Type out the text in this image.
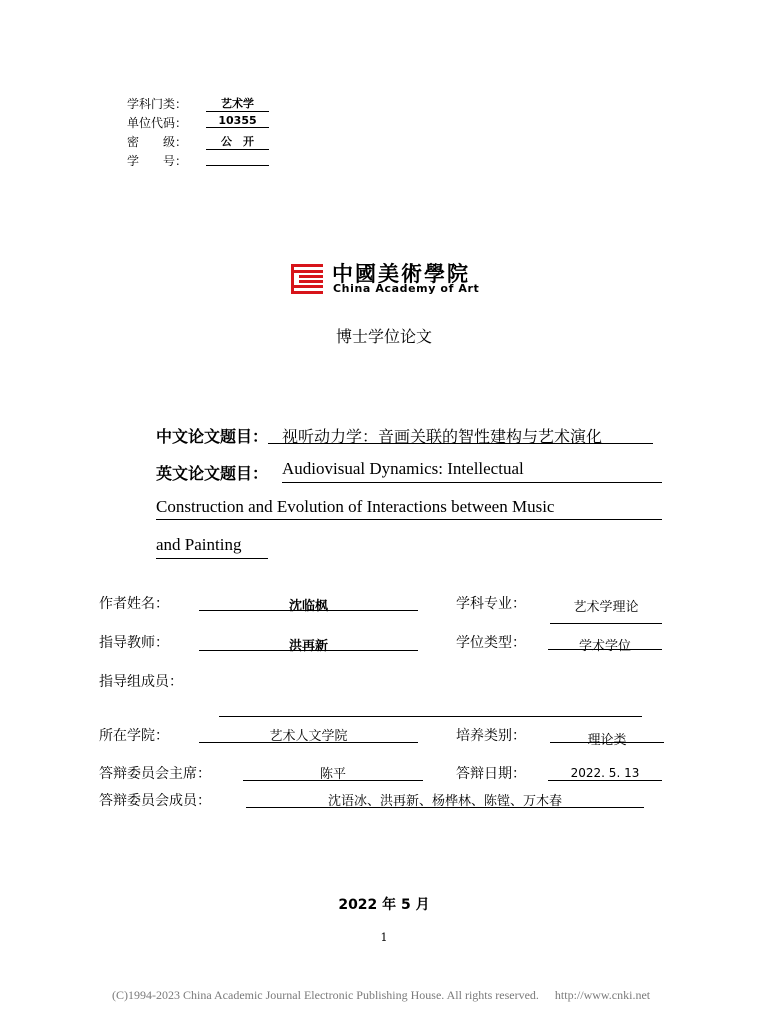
学科门类：	艺术学
单位代码：	10355
密　　级：	公　开
学　　号：
中國美術學院
China Academy of Art
博士学位论文
中文论文题目： 视听动力学：音画关联的智性建构与艺术演化
英文论文题目： Audiovisual Dynamics: Intellectual
Construction and Evolution of Interactions between Music
and Painting
作者姓名：	沈临枫	学科专业：	艺术学理论
指导教师：	洪再新	学位类型：	学术学位
指导组成员：
所在学院：	艺术人文学院	培养类别：	理论类
答辩委员会主席：	陈平	答辩日期：	2022. 5. 13
答辩委员会成员：	沈语冰、洪再新、杨桦林、陈镗、万木春
2022 年 5 月
1
(C)1994-2023 China Academic Journal Electronic Publishing House. All rights reserved. http://www.cnki.net
